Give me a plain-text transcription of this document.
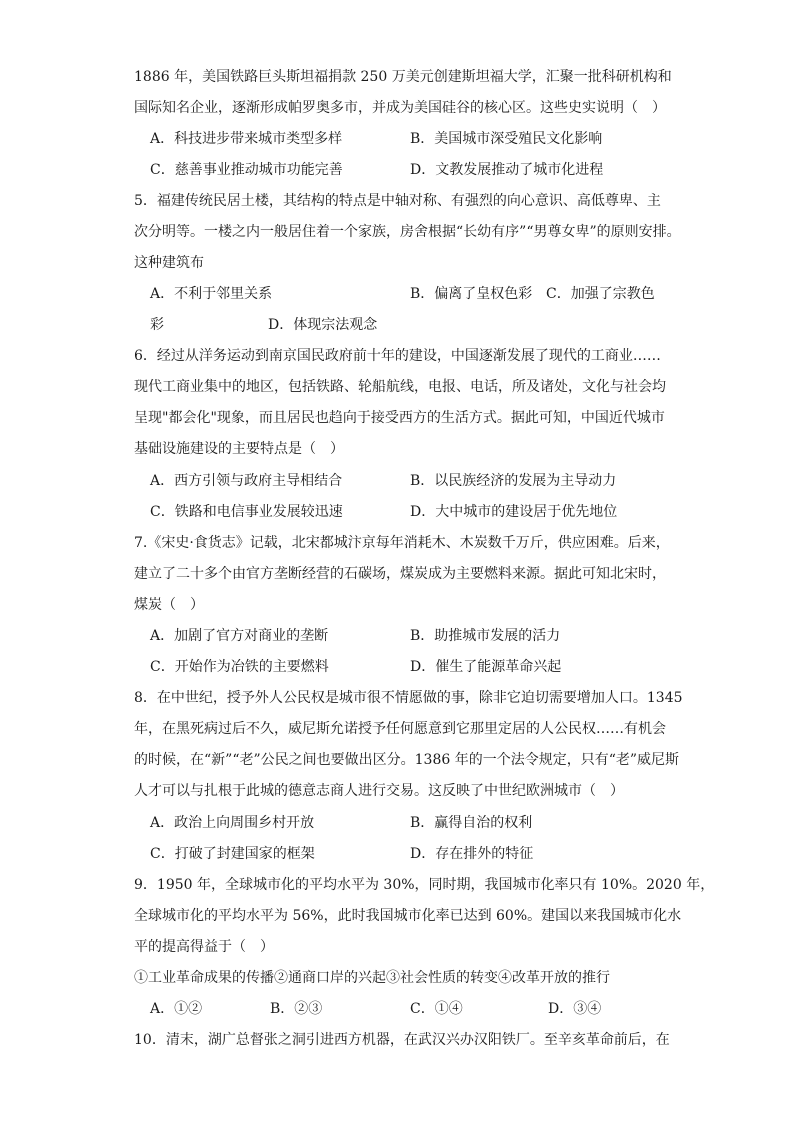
1886 年，美国铁路巨头斯坦福捐款 250 万美元创建斯坦福大学，汇聚一批科研机构和
国际知名企业，逐渐形成帕罗奥多市，并成为美国硅谷的核心区。这些史实说明（　）
A．科技进步带来城市类型多样	B．美国城市深受殖民文化影响
C．慈善事业推动城市功能完善	D．文教发展推动了城市化进程
5．福建传统民居土楼，其结构的特点是中轴对称、有强烈的向心意识、高低尊卑、主
次分明等。一楼之内一般居住着一个家族，房舍根据“长幼有序”“男尊女卑”的原则安排。
这种建筑布
A．不利于邻里关系	B．偏离了皇权色彩 C．加强了宗教色
彩	D．体现宗法观念
6．经过从洋务运动到南京国民政府前十年的建设，中国逐渐发展了现代的工商业……
现代工商业集中的地区，包括铁路、轮船航线，电报、电话，所及诸处，文化与社会均
呈现"都会化"现象，而且居民也趋向于接受西方的生活方式。据此可知，中国近代城市
基础设施建设的主要特点是（　）
A．西方引领与政府主导相结合	B．以民族经济的发展为主导动力
C．铁路和电信事业发展较迅速	D．大中城市的建设居于优先地位
7.《宋史·食货志》记载，北宋都城汴京每年消耗木、木炭数千万斤，供应困难。后来，
建立了二十多个由官方垄断经营的石碳场，煤炭成为主要燃料来源。据此可知北宋时，
煤炭（　）
A．加剧了官方对商业的垄断	B．助推城市发展的活力
C．开始作为冶铁的主要燃料	D．催生了能源革命兴起
8．在中世纪，授予外人公民权是城市很不情愿做的事，除非它迫切需要增加人口。1345
年，在黑死病过后不久，威尼斯允诺授予任何愿意到它那里定居的人公民权……有机会
的时候，在“新”“老”公民之间也要做出区分。1386 年的一个法令规定，只有“老”威尼斯
人才可以与扎根于此城的德意志商人进行交易。这反映了中世纪欧洲城市（　）
A．政治上向周围乡村开放	B．赢得自治的权利
C．打破了封建国家的框架	D．存在排外的特征
9．1950 年，全球城市化的平均水平为 30%，同时期，我国城市化率只有 10%。2020 年，
全球城市化的平均水平为 56%，此时我国城市化率已达到 60%。建国以来我国城市化水
平的提高得益于（　）
①工业革命成果的传播②通商口岸的兴起③社会性质的转变④改革开放的推行
A．①②	B．②③	C．①④	D．③④
10．清末，湖广总督张之洞引进西方机器，在武汉兴办汉阳铁厂。至辛亥革命前后，在
